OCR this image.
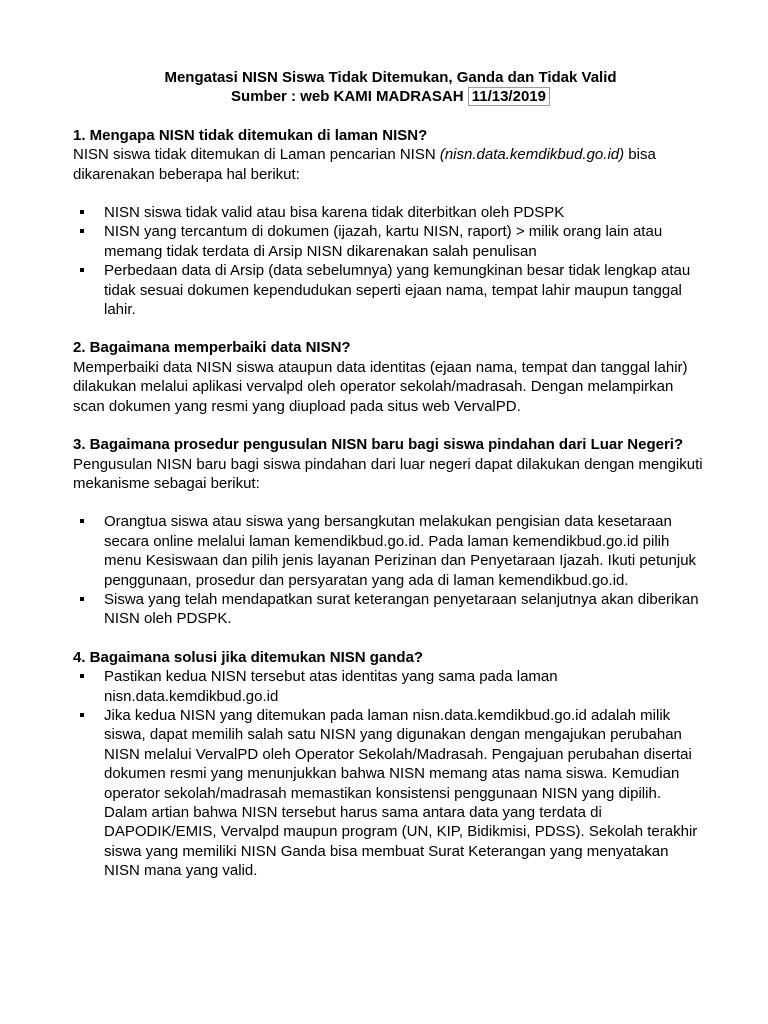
Mengatasi NISN Siswa Tidak Ditemukan, Ganda dan Tidak Valid
Sumber : web KAMI MADRASAH 11/13/2019
1. Mengapa NISN tidak ditemukan di laman NISN?

NISN siswa tidak ditemukan di Laman pencarian NISN (nisn.data.kemdikbud.go.id) bisa dikarenakan beberapa hal berikut:

NISN siswa tidak valid atau bisa karena tidak diterbitkan oleh PDSPK
NISN yang tercantum di dokumen (ijazah, kartu NISN, raport) > milik orang lain atau memang tidak terdata di Arsip NISN dikarenakan salah penulisan
Perbedaan data di Arsip (data sebelumnya) yang kemungkinan besar tidak lengkap atau tidak sesuai dokumen kependudukan seperti ejaan nama, tempat lahir maupun tanggal lahir.
2. Bagaimana memperbaiki data NISN?

Memperbaiki data NISN siswa ataupun data identitas (ejaan nama, tempat dan tanggal lahir) dilakukan melalui aplikasi vervalpd oleh operator sekolah/madrasah. Dengan melampirkan scan dokumen yang resmi yang diupload pada situs web VervalPD.

3. Bagaimana prosedur pengusulan NISN baru bagi siswa pindahan dari Luar Negeri?

Pengusulan NISN baru bagi siswa pindahan dari luar negeri dapat dilakukan dengan mengikuti mekanisme sebagai berikut:

Orangtua siswa atau siswa yang bersangkutan melakukan pengisian data kesetaraan secara online melalui laman kemendikbud.go.id. Pada laman kemendikbud.go.id pilih menu Kesiswaan dan pilih jenis layanan Perizinan dan Penyetaraan Ijazah. Ikuti petunjuk penggunaan, prosedur dan persyaratan yang ada di laman kemendikbud.go.id.
Siswa yang telah mendapatkan surat keterangan penyetaraan selanjutnya akan diberikan NISN oleh PDSPK.
4. Bagaimana solusi jika ditemukan NISN ganda?
Pastikan kedua NISN tersebut atas identitas yang sama pada laman nisn.data.kemdikbud.go.id
Jika kedua NISN yang ditemukan pada laman nisn.data.kemdikbud.go.id adalah milik siswa, dapat memilih salah satu NISN yang digunakan dengan mengajukan perubahan NISN melalui VervalPD oleh Operator Sekolah/Madrasah. Pengajuan perubahan disertai dokumen resmi yang menunjukkan bahwa NISN memang atas nama siswa. Kemudian operator sekolah/madrasah memastikan konsistensi penggunaan NISN yang dipilih. Dalam artian bahwa NISN tersebut harus sama antara data yang terdata di DAPODIK/EMIS, Vervalpd maupun program (UN, KIP, Bidikmisi, PDSS). Sekolah terakhir siswa yang memiliki NISN Ganda bisa membuat Surat Keterangan yang menyatakan NISN mana yang valid.
